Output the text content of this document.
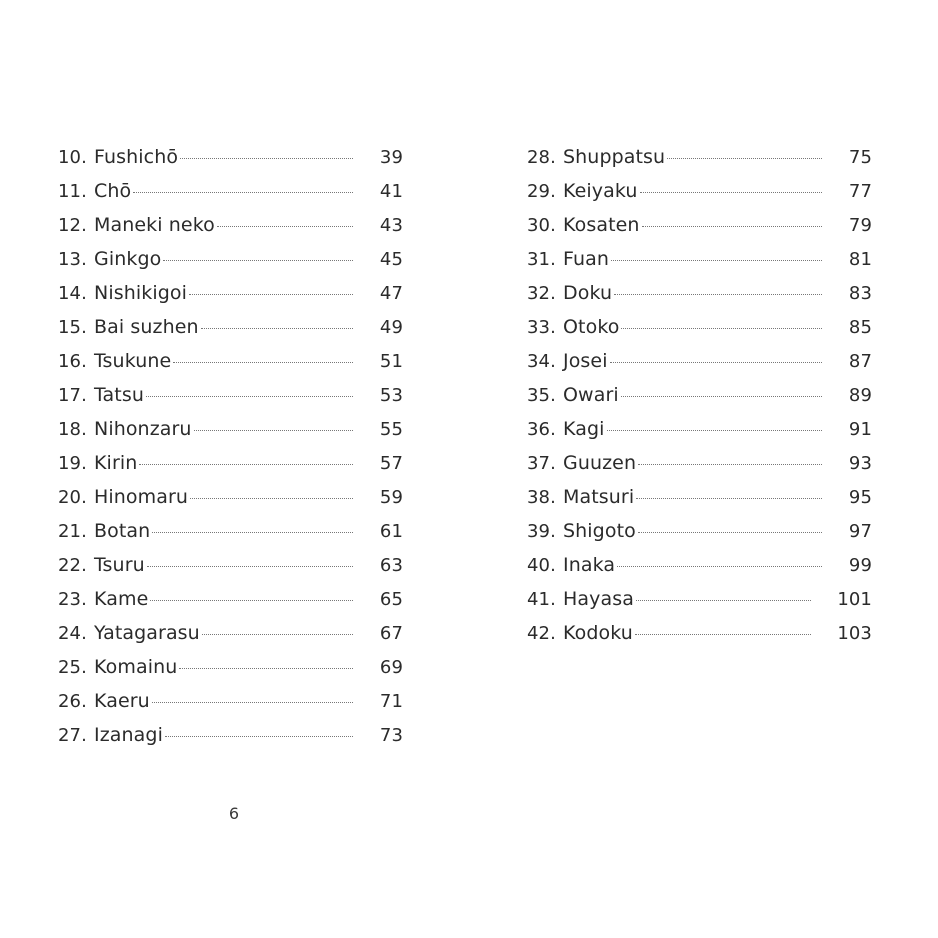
10. Fushichō	39
11. Chō	41
12. Maneki neko	43
13. Ginkgo	45
14. Nishikigoi	47
15. Bai suzhen	49
16. Tsukune	51
17. Tatsu	53
18. Nihonzaru	55
19. Kirin	57
20. Hinomaru	59
21. Botan	61
22. Tsuru	63
23. Kame	65
24. Yatagarasu	67
25. Komainu	69
26. Kaeru	71
27. Izanagi	73
28. Shuppatsu	75
29. Keiyaku	77
30. Kosaten	79
31. Fuan	81
32. Doku	83
33. Otoko	85
34. Josei	87
35. Owari	89
36. Kagi	91
37. Guuzen	93
38. Matsuri	95
39. Shigoto	97
40. Inaka	99
41. Hayasa	101
42. Kodoku	103
6
